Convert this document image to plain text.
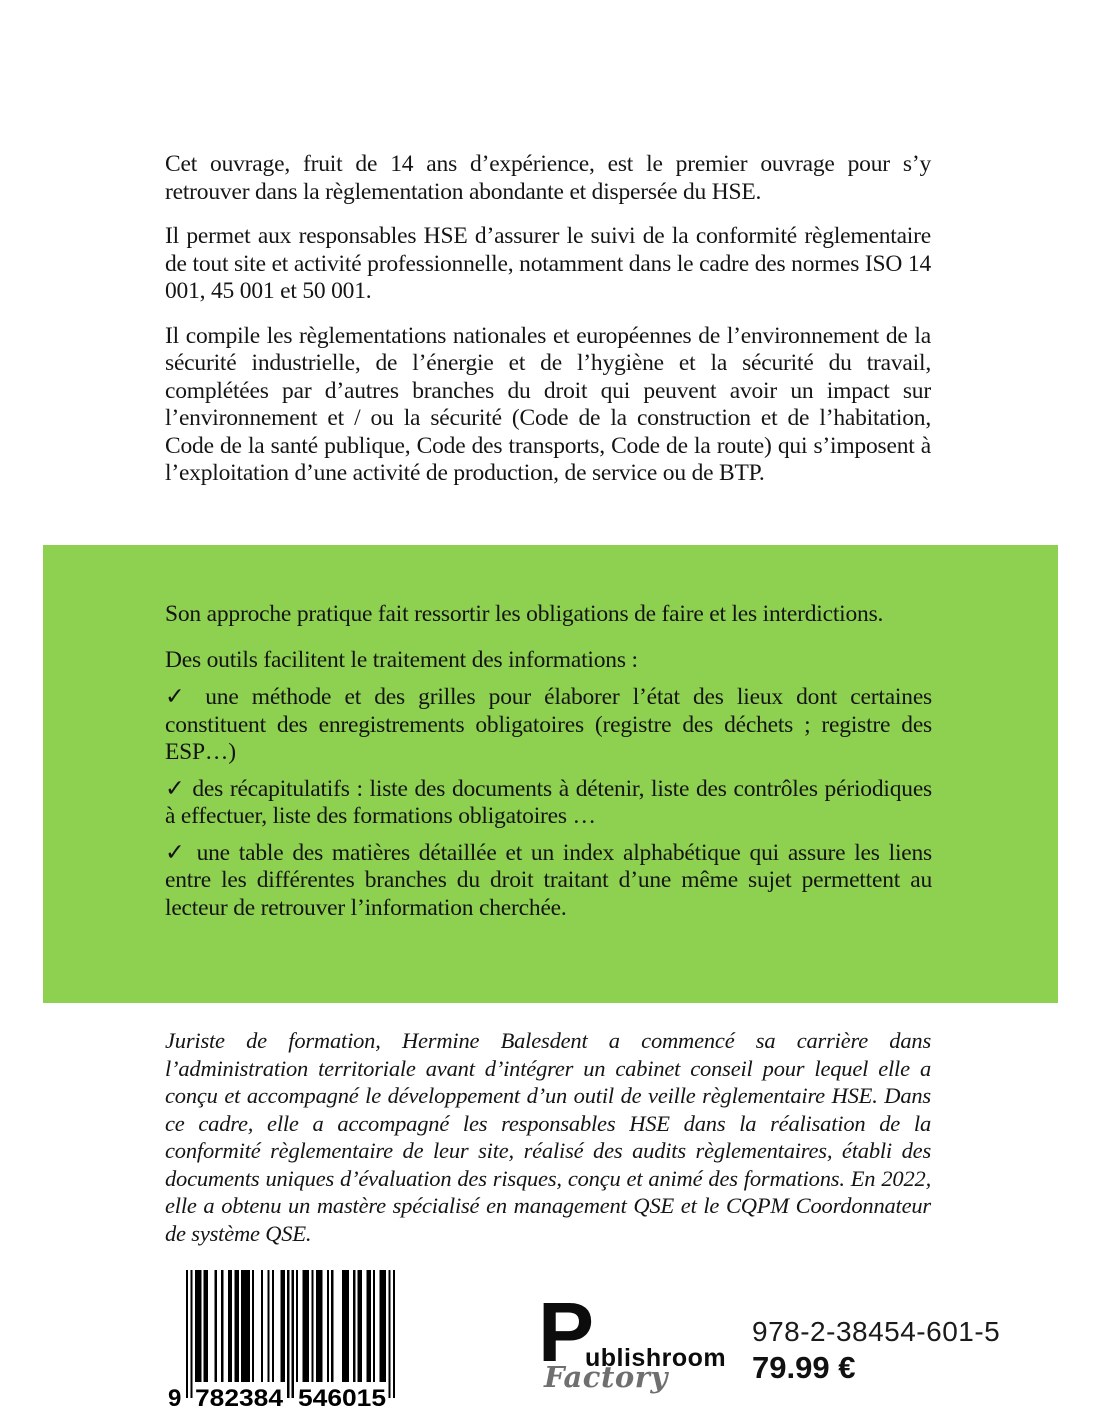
Cet ouvrage, fruit de 14 ans d’expérience, est le premier ouvrage pour s’y retrouver dans la règlementation abondante et dispersée du HSE.

Il permet aux responsables HSE d’assurer le suivi de la conformité règlementaire de tout site et activité professionnelle, notamment dans le cadre des normes ISO 14 001, 45 001 et 50 001.

Il compile les règlementations nationales et européennes de l’environnement de la sécurité industrielle, de l’énergie et de l’hygiène et la sécurité du travail, complétées par d’autres branches du droit qui peuvent avoir un impact sur l’environnement et / ou la sécurité (Code de la construction et de l’habitation, Code de la santé publique, Code des transports, Code de la route) qui s’imposent à l’exploitation d’une activité de production, de service ou de BTP.

Son approche pratique fait ressortir les obligations de faire et les interdictions.

Des outils facilitent le traitement des informations :

✓ une méthode et des grilles pour élaborer l’état des lieux dont certaines constituent des enregistrements obligatoires (registre des déchets ; registre des ESP…)

✓ des récapitulatifs : liste des documents à détenir, liste des contrôles périodiques à effectuer, liste des formations obligatoires …

✓ une table des matières détaillée et un index alphabétique qui assure les liens entre les différentes branches du droit traitant d’une même sujet permettent au lecteur de retrouver l’information cherchée.

Juriste de formation, Hermine Balesdent a commencé sa carrière dans l’administration territoriale avant d’intégrer un cabinet conseil pour lequel elle a conçu et accompagné le développement d’un outil de veille règlementaire HSE. Dans ce cadre, elle a accompagné les responsables HSE dans la réalisation de la conformité règlementaire de leur site, réalisé des audits règlementaires, établi des documents uniques d’évaluation des risques, conçu et animé des formations. En 2022, elle a obtenu un mastère spécialisé en management QSE et le CQPM Coordonnateur de système QSE.

9 782384 546015
P
ublishroom
Factory
978-2-38454-601-5
79.99 €
